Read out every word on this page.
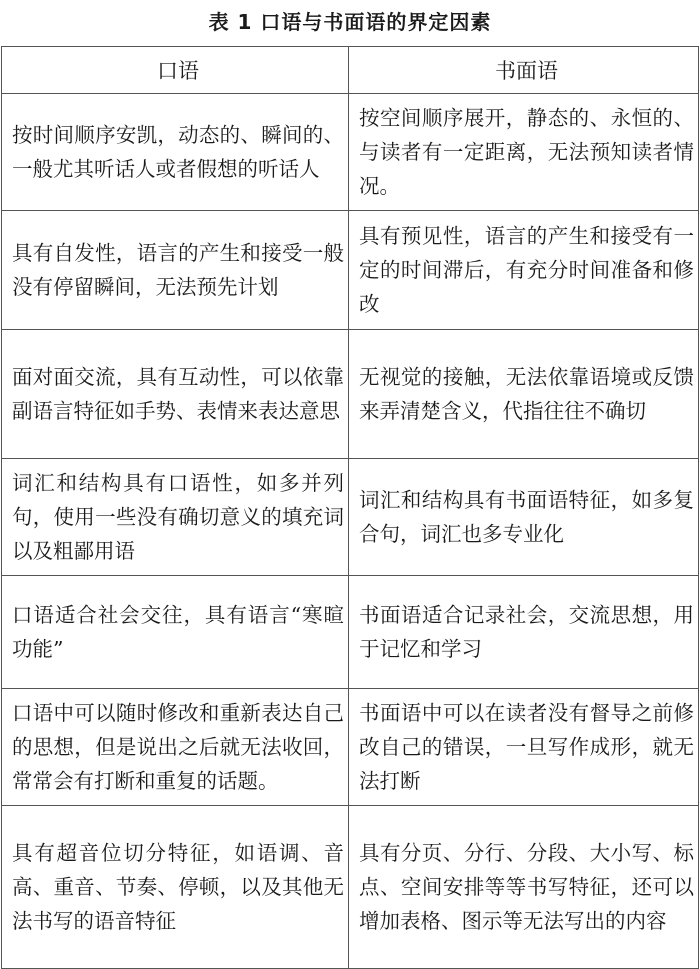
表 1 口语与书面语的界定因素
口语	书面语
按时间顺序安凯，动态的、瞬间的、一般尤其听话人或者假想的听话人	按空间顺序展开，静态的、永恒的、与读者有一定距离，无法预知读者情况。
具有自发性，语言的产生和接受一般没有停留瞬间，无法预先计划	具有预见性，语言的产生和接受有一定的时间滞后，有充分时间准备和修改
面对面交流，具有互动性，可以依靠副语言特征如手势、表情来表达意思	无视觉的接触，无法依靠语境或反馈来弄清楚含义，代指往往不确切
词汇和结构具有口语性，如多并列句，使用一些没有确切意义的填充词以及粗鄙用语	词汇和结构具有书面语特征，如多复合句，词汇也多专业化
口语适合社会交往，具有语言“寒暄功能”	书面语适合记录社会，交流思想，用于记忆和学习
口语中可以随时修改和重新表达自己的思想，但是说出之后就无法收回，常常会有打断和重复的话题。	书面语中可以在读者没有督导之前修改自己的错误，一旦写作成形，就无法打断
具有超音位切分特征，如语调、音高、重音、节奏、停顿，以及其他无法书写的语音特征	具有分页、分行、分段、大小写、标点、空间安排等等书写特征，还可以增加表格、图示等无法写出的内容
